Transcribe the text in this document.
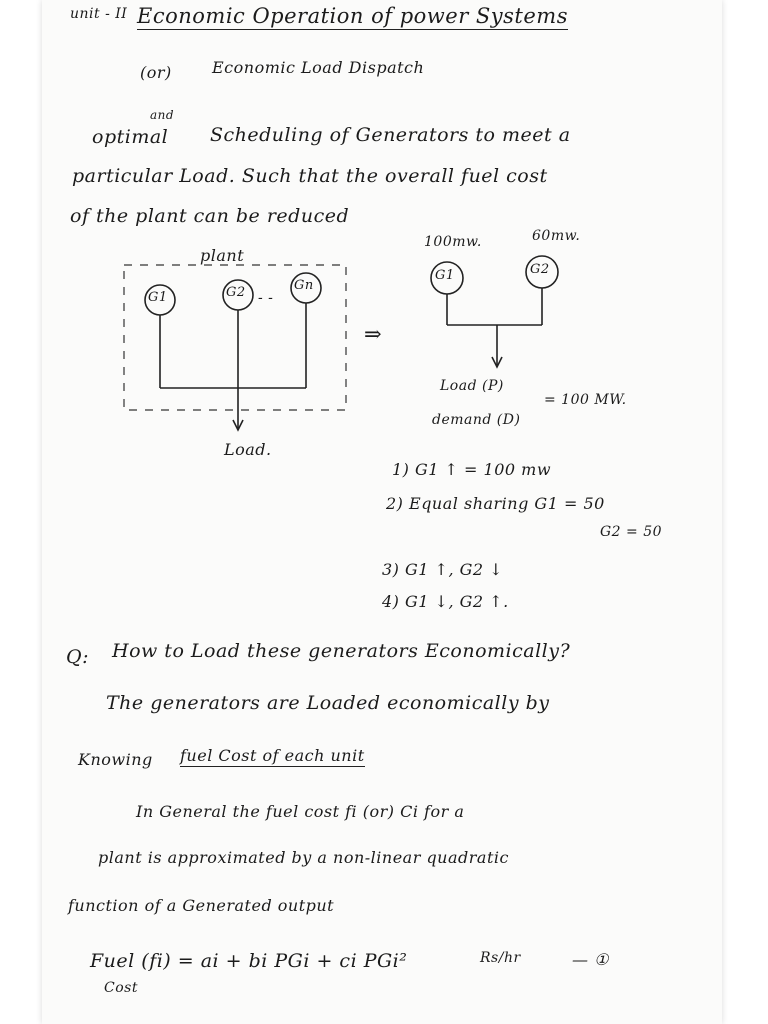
unit - II Economic Operation of power Systems
(or)	Economic Load Dispatch
and
optimal Scheduling of Generators to meet a
particular Load. Such that the overall fuel cost
of the plant can be reduced
plant
G1	G2	Gn
- -
Load.
⇒
100mw.	60mw.
G1	G2
Load (P)
demand (D)
= 100 MW.
1) G1 ↑ = 100 mw
2) Equal sharing G1 = 50
G2 = 50
3) G1 ↑, G2 ↓
4) G1 ↓, G2 ↑.
Q: How to Load these generators Economically?
The generators are Loaded economically by
Knowing fuel Cost of each unit
In General the fuel cost fi (or) Ci for a
plant is approximated by a non-linear quadratic
function of a Generated output
Fuel (fi) = ai + bi PGi + ci PGi²	Rs/hr	— ①
Cost
